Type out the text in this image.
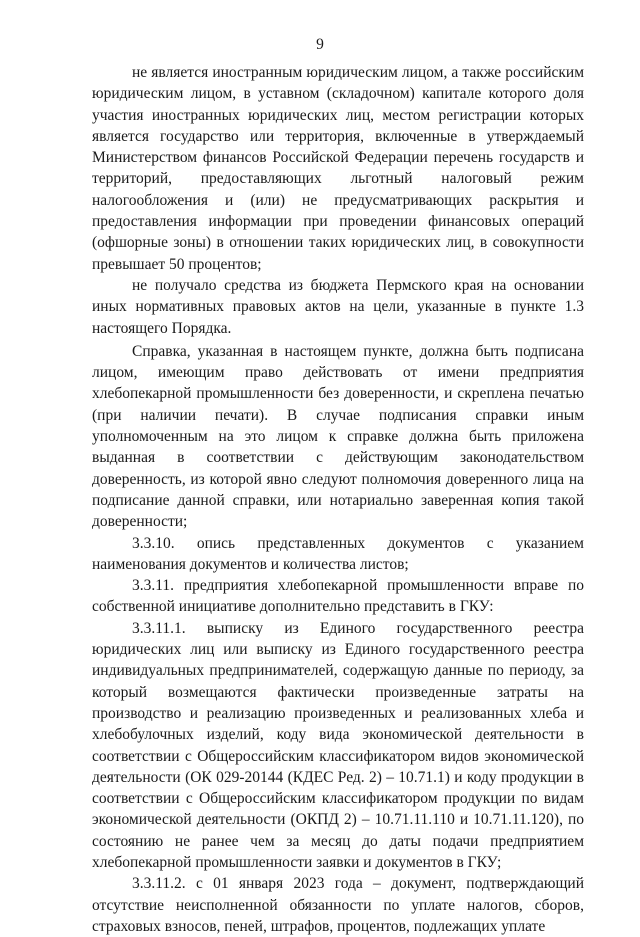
9

не является иностранным юридическим лицом, а также российским юридическим лицом, в уставном (складочном) капитале которого доля участия иностранных юридических лиц, местом регистрации которых является государство или территория, включенные в утверждаемый Министерством финансов Российской Федерации перечень государств и территорий, предоставляющих льготный налоговый режим налогообложения и (или) не предусматривающих раскрытия и предоставления информации при проведении финансовых операций (офшорные зоны) в отношении таких юридических лиц, в совокупности превышает 50 процентов;

не получало средства из бюджета Пермского края на основании иных нормативных правовых актов на цели, указанные в пункте 1.3 настоящего Порядка.

Справка, указанная в настоящем пункте, должна быть подписана лицом, имеющим право действовать от имени предприятия хлебопекарной промышленности без доверенности, и скреплена печатью (при наличии печати). В случае подписания справки иным уполномоченным на это лицом к справке должна быть приложена выданная в соответствии с действующим законодательством доверенность, из которой явно следуют полномочия доверенного лица на подписание данной справки, или нотариально заверенная копия такой доверенности;

3.3.10. опись представленных документов с указанием наименования документов и количества листов;

3.3.11. предприятия хлебопекарной промышленности вправе по собственной инициативе дополнительно представить в ГКУ:

3.3.11.1. выписку из Единого государственного реестра юридических лиц или выписку из Единого государственного реестра индивидуальных предпринимателей, содержащую данные по периоду, за который возмещаются фактически произведенные затраты на производство и реализацию произведенных и реализованных хлеба и хлебобулочных изделий, коду вида экономической деятельности в соответствии с Общероссийским классификатором видов экономической деятельности (ОК 029-20144 (КДЕС Ред. 2) – 10.71.1) и коду продукции в соответствии с Общероссийским классификатором продукции по видам экономической деятельности (ОКПД 2) – 10.71.11.110 и 10.71.11.120), по состоянию не ранее чем за месяц до даты подачи предприятием хлебопекарной промышленности заявки и документов в ГКУ;

3.3.11.2. с 01 января 2023 года – документ, подтверждающий отсутствие неисполненной обязанности по уплате налогов, сборов, страховых взносов, пеней, штрафов, процентов, подлежащих уплате
